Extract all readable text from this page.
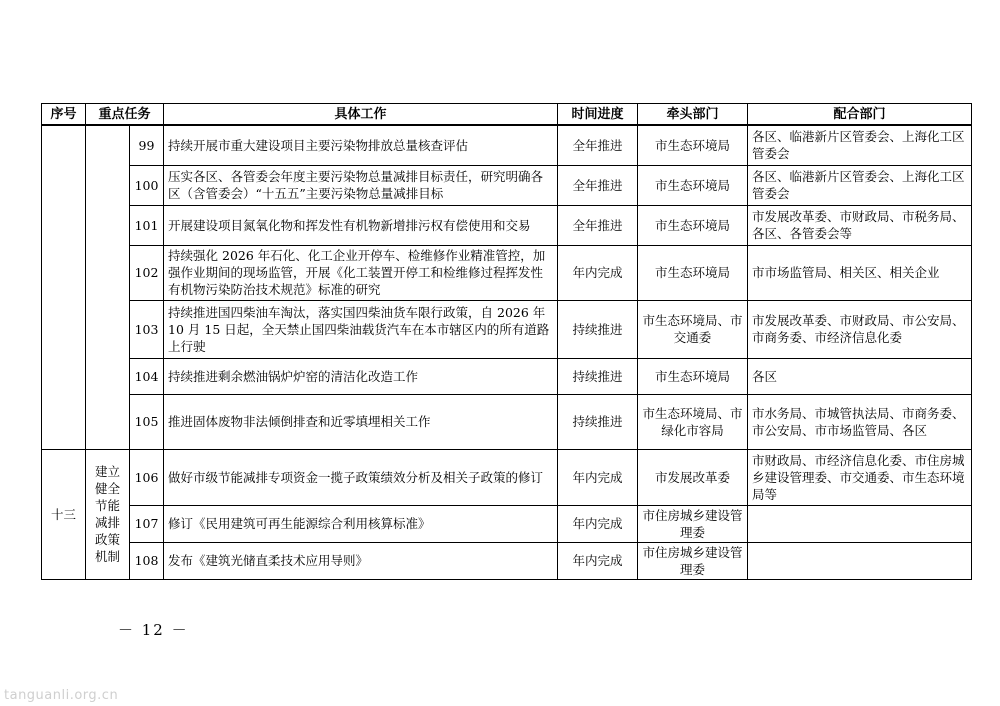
序号	重点任务		具体工作	时间进度	牵头部门	配合部门
		99	持续开展市重大建设项目主要污染物排放总量核查评估	全年推进	市生态环境局	各区、临港新片区管委会、上海化工区管委会
		100	压实各区、各管委会年度主要污染物总量减排目标责任，研究明确各区（含管委会）“十五五”主要污染物总量减排目标	全年推进	市生态环境局	各区、临港新片区管委会、上海化工区管委会
		101	开展建设项目氮氧化物和挥发性有机物新增排污权有偿使用和交易	全年推进	市生态环境局	市发展改革委、市财政局、市税务局、各区、各管委会等
		102	持续强化 2026 年石化、化工企业开停车、检维修作业精准管控，加强作业期间的现场监管，开展《化工装置开停工和检维修过程挥发性有机物污染防治技术规范》标准的研究	年内完成	市生态环境局	市市场监管局、相关区、相关企业
		103	持续推进国四柴油车淘汰，落实国四柴油货车限行政策，自 2026 年 10 月 15 日起，全天禁止国四柴油载货汽车在本市辖区内的所有道路上行驶	持续推进	市生态环境局、市交通委	市发展改革委、市财政局、市公安局、市商务委、市经济信息化委
		104	持续推进剩余燃油锅炉炉窑的清洁化改造工作	持续推进	市生态环境局	各区
		105	推进固体废物非法倾倒排查和近零填埋相关工作	持续推进	市生态环境局、市绿化市容局	市水务局、市城管执法局、市商务委、市公安局、市市场监管局、各区
十三	建立健全节能减排政策机制	106	做好市级节能减排专项资金一揽子政策绩效分析及相关子政策的修订	年内完成	市发展改革委	市财政局、市经济信息化委、市住房城乡建设管理委、市交通委、市生态环境局等
		107	修订《民用建筑可再生能源综合利用核算标准》	年内完成	市住房城乡建设管理委	
		108	发布《建筑光储直柔技术应用导则》	年内完成	市住房城乡建设管理委	
－ 12 －
tanguanli.org.cn
